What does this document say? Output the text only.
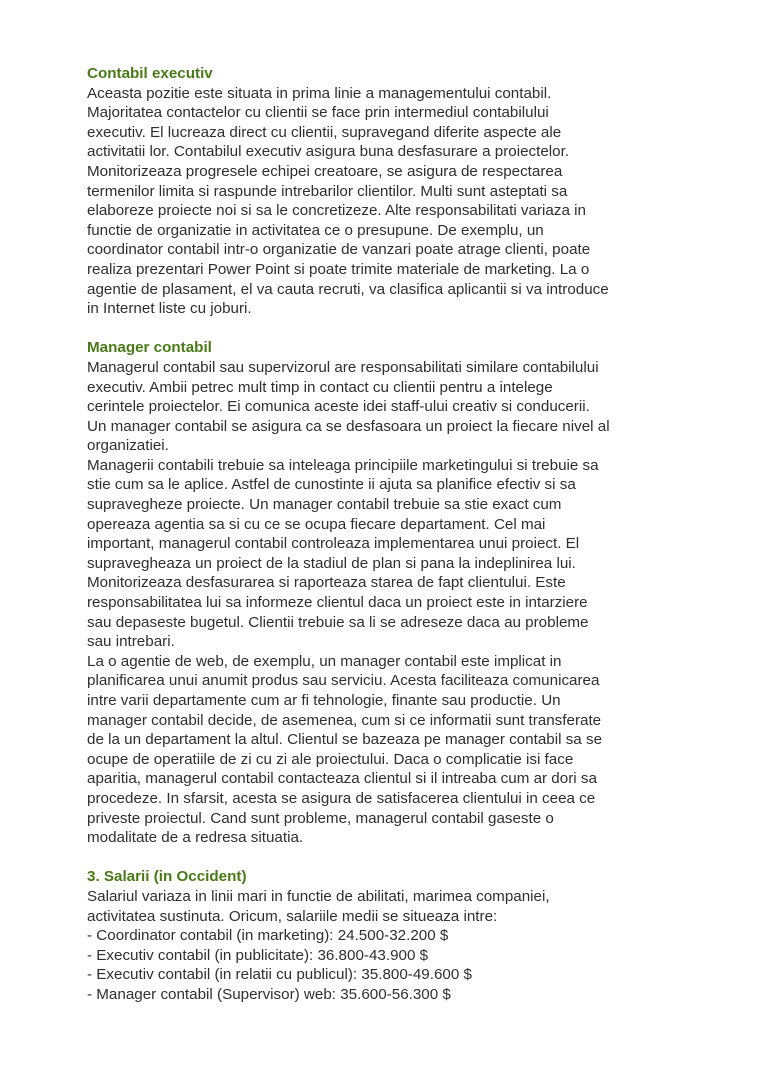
Contabil executiv
Aceasta pozitie este situata in prima linie a managementului contabil.
Majoritatea contactelor cu clientii se face prin intermediul contabilului
executiv. El lucreaza direct cu clientii, supravegand diferite aspecte ale
activitatii lor. Contabilul executiv asigura buna desfasurare a proiectelor.
Monitorizeaza progresele echipei creatoare, se asigura de respectarea
termenilor limita si raspunde intrebarilor clientilor. Multi sunt asteptati sa
elaboreze proiecte noi si sa le concretizeze. Alte responsabilitati variaza in
functie de organizatie in activitatea ce o presupune. De exemplu, un
coordinator contabil intr-o organizatie de vanzari poate atrage clienti, poate
realiza prezentari Power Point si poate trimite materiale de marketing. La o
agentie de plasament, el va cauta recruti, va clasifica aplicantii si va introduce
in Internet liste cu joburi.
Manager contabil
Managerul contabil sau supervizorul are responsabilitati similare contabilului
executiv. Ambii petrec mult timp in contact cu clientii pentru a intelege
cerintele proiectelor. Ei comunica aceste idei staff-ului creativ si conducerii.
Un manager contabil se asigura ca se desfasoara un proiect la fiecare nivel al
organizatiei.
Managerii contabili trebuie sa inteleaga principiile marketingului si trebuie sa
stie cum sa le aplice. Astfel de cunostinte ii ajuta sa planifice efectiv si sa
supravegheze proiecte. Un manager contabil trebuie sa stie exact cum
opereaza agentia sa si cu ce se ocupa fiecare departament. Cel mai
important, managerul contabil controleaza implementarea unui proiect. El
supravegheaza un proiect de la stadiul de plan si pana la indeplinirea lui.
Monitorizeaza desfasurarea si raporteaza starea de fapt clientului. Este
responsabilitatea lui sa informeze clientul daca un proiect este in intarziere
sau depaseste bugetul. Clientii trebuie sa li se adreseze daca au probleme
sau intrebari.
La o agentie de web, de exemplu, un manager contabil este implicat in
planificarea unui anumit produs sau serviciu. Acesta faciliteaza comunicarea
intre varii departamente cum ar fi tehnologie, finante sau productie. Un
manager contabil decide, de asemenea, cum si ce informatii sunt transferate
de la un departament la altul. Clientul se bazeaza pe manager contabil sa se
ocupe de operatiile de zi cu zi ale proiectului. Daca o complicatie isi face
aparitia, managerul contabil contacteaza clientul si il intreaba cum ar dori sa
procedeze. In sfarsit, acesta se asigura de satisfacerea clientului in ceea ce
priveste proiectul. Cand sunt probleme, managerul contabil gaseste o
modalitate de a redresa situatia.
3. Salarii (in Occident)
Salariul variaza in linii mari in functie de abilitati, marimea companiei,
activitatea sustinuta. Oricum, salariile medii se situeaza intre:
- Coordinator contabil (in marketing): 24.500-32.200 $
- Executiv contabil (in publicitate): 36.800-43.900 $
- Executiv contabil (in relatii cu publicul): 35.800-49.600 $
- Manager contabil (Supervisor) web: 35.600-56.300 $
